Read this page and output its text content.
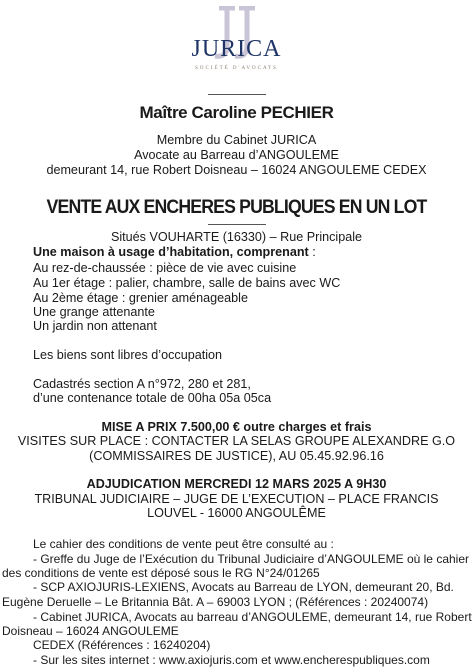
JURICA
SOCIÉTÉ D'AVOCATS

Maître Caroline PECHIER

Membre du Cabinet JURICA

Avocate au Barreau d’ANGOULEME

demeurant 14, rue Robert Doisneau – 16024 ANGOULEME CEDEX

VENTE AUX ENCHERES PUBLIQUES EN UN LOT

Situés VOUHARTE (16330) – Rue Principale

Une maison à usage d’habitation, comprenant :

Au rez-de-chaussée : pièce de vie avec cuisine

Au 1er étage : palier, chambre, salle de bains avec WC

Au 2ème étage : grenier aménageable

Une grange attenante

Un jardin non attenant

Les biens sont libres d’occupation

Cadastrés section A n°972, 280 et 281,

d’une contenance totale de 00ha 05a 05ca

MISE A PRIX 7.500,00 € outre charges et frais

VISITES SUR PLACE : CONTACTER LA SELAS GROUPE ALEXANDRE G.O

(COMMISSAIRES DE JUSTICE), AU 05.45.92.96.16

ADJUDICATION MERCREDI 12 MARS 2025 A 9H30

TRIBUNAL JUDICIAIRE – JUGE DE L’EXECUTION – PLACE FRANCIS

LOUVEL - 16000 ANGOULÊME

Le cahier des conditions de vente peut être consulté au :

- Greffe du Juge de l’Exécution du Tribunal Judiciaire d’ANGOULEME où le cahier

des conditions de vente est déposé sous le RG N°24/01265

- SCP AXIOJURIS-LEXIENS, Avocats au Barreau de LYON, demeurant 20, Bd.

Eugène Deruelle – Le Britannia Bât. A – 69003 LYON ; (Références : 20240074)

- Cabinet JURICA, Avocats au barreau d’ANGOULEME, demeurant 14, rue Robert

Doisneau – 16024 ANGOULEME

CEDEX (Références : 16240204)

- Sur les sites internet : www.axiojuris.com et www.encherespubliques.com
